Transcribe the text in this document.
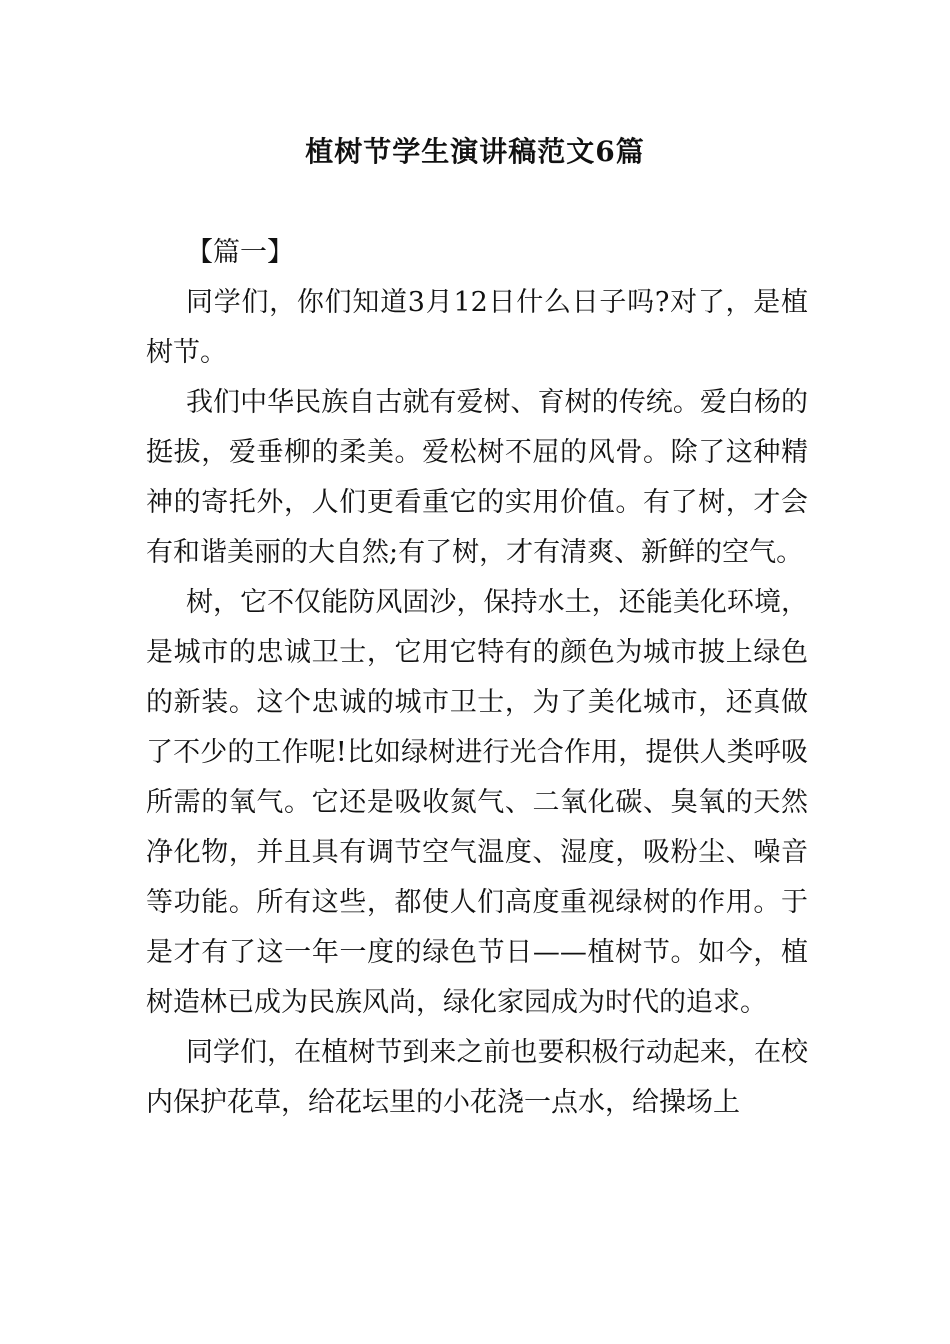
植树节学生演讲稿范文6篇

【篇一】

同学们，你们知道3月12日什么日子吗?对了，是植树节。

我们中华民族自古就有爱树、育树的传统。爱白杨的挺拔，爱垂柳的柔美。爱松树不屈的风骨。除了这种精神的寄托外，人们更看重它的实用价值。有了树，才会有和谐美丽的大自然;有了树，才有清爽、新鲜的空气。

树，它不仅能防风固沙，保持水土，还能美化环境，是城市的忠诚卫士，它用它特有的颜色为城市披上绿色的新装。这个忠诚的城市卫士，为了美化城市，还真做了不少的工作呢!比如绿树进行光合作用，提供人类呼吸所需的氧气。它还是吸收氮气、二氧化碳、臭氧的天然净化物，并且具有调节空气温度、湿度，吸粉尘、噪音等功能。所有这些，都使人们高度重视绿树的作用。于是才有了这一年一度的绿色节日——植树节。如今，植树造林已成为民族风尚，绿化家园成为时代的追求。

同学们，在植树节到来之前也要积极行动起来，在校内保护花草，给花坛里的小花浇一点水，给操场上
